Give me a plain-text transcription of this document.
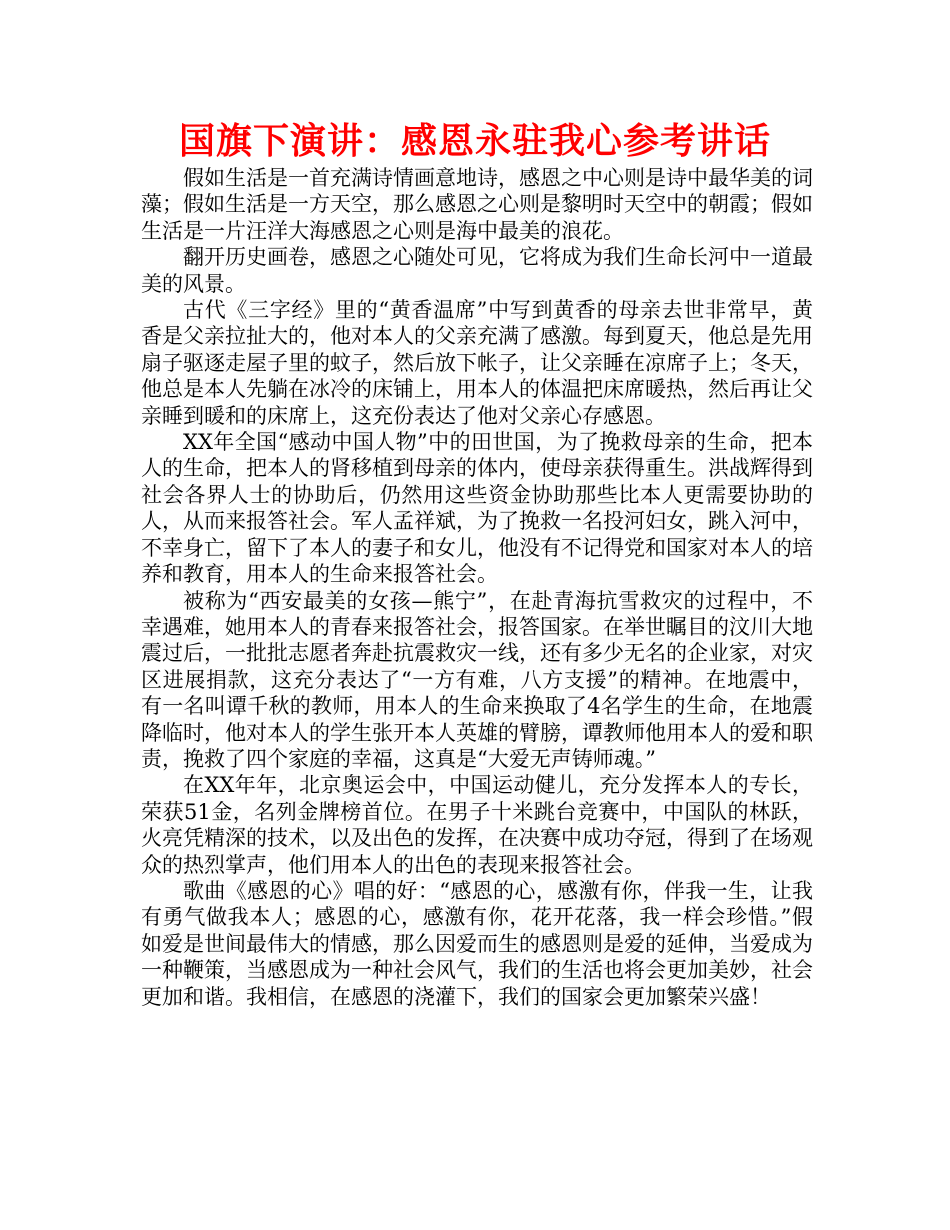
国旗下演讲：感恩永驻我心参考讲话

假如生活是一首充满诗情画意地诗，感恩之中心则是诗中最华美的词藻；假如生活是一方天空，那么感恩之心则是黎明时天空中的朝霞；假如生活是一片汪洋大海感恩之心则是海中最美的浪花。

翻开历史画卷，感恩之心随处可见，它将成为我们生命长河中一道最美的风景。

古代《三字经》里的“黄香温席”中写到黄香的母亲去世非常早，黄香是父亲拉扯大的，他对本人的父亲充满了感激。每到夏天，他总是先用扇子驱逐走屋子里的蚊子，然后放下帐子，让父亲睡在凉席子上；冬天，他总是本人先躺在冰冷的床铺上，用本人的体温把床席暖热，然后再让父亲睡到暖和的床席上，这充份表达了他对父亲心存感恩。

XX年全国“感动中国人物”中的田世国，为了挽救母亲的生命，把本人的生命，把本人的肾移植到母亲的体内，使母亲获得重生。洪战辉得到社会各界人士的协助后，仍然用这些资金协助那些比本人更需要协助的人，从而来报答社会。军人孟祥斌，为了挽救一名投河妇女，跳入河中，不幸身亡，留下了本人的妻子和女儿，他没有不记得党和国家对本人的培养和教育，用本人的生命来报答社会。

被称为“西安最美的女孩—熊宁”，在赴青海抗雪救灾的过程中，不幸遇难，她用本人的青春来报答社会，报答国家。在举世瞩目的汶川大地震过后，一批批志愿者奔赴抗震救灾一线，还有多少无名的企业家，对灾区进展捐款，这充分表达了“一方有难，八方支援”的精神。在地震中，有一名叫谭千秋的教师，用本人的生命来换取了4名学生的生命，在地震降临时，他对本人的学生张开本人英雄的臂膀，谭教师他用本人的爱和职责，挽救了四个家庭的幸福，这真是“大爱无声铸师魂。”

在XX年年，北京奥运会中，中国运动健儿，充分发挥本人的专长，荣获51金，名列金牌榜首位。在男子十米跳台竞赛中，中国队的林跃，火亮凭精深的技术，以及出色的发挥，在决赛中成功夺冠，得到了在场观众的热烈掌声，他们用本人的出色的表现来报答社会。

歌曲《感恩的心》唱的好：“感恩的心，感激有你，伴我一生，让我有勇气做我本人；感恩的心，感激有你，花开花落，我一样会珍惜。”假如爱是世间最伟大的情感，那么因爱而生的感恩则是爱的延伸，当爱成为一种鞭策，当感恩成为一种社会风气，我们的生活也将会更加美妙，社会更加和谐。我相信，在感恩的浇灌下，我们的国家会更加繁荣兴盛！
